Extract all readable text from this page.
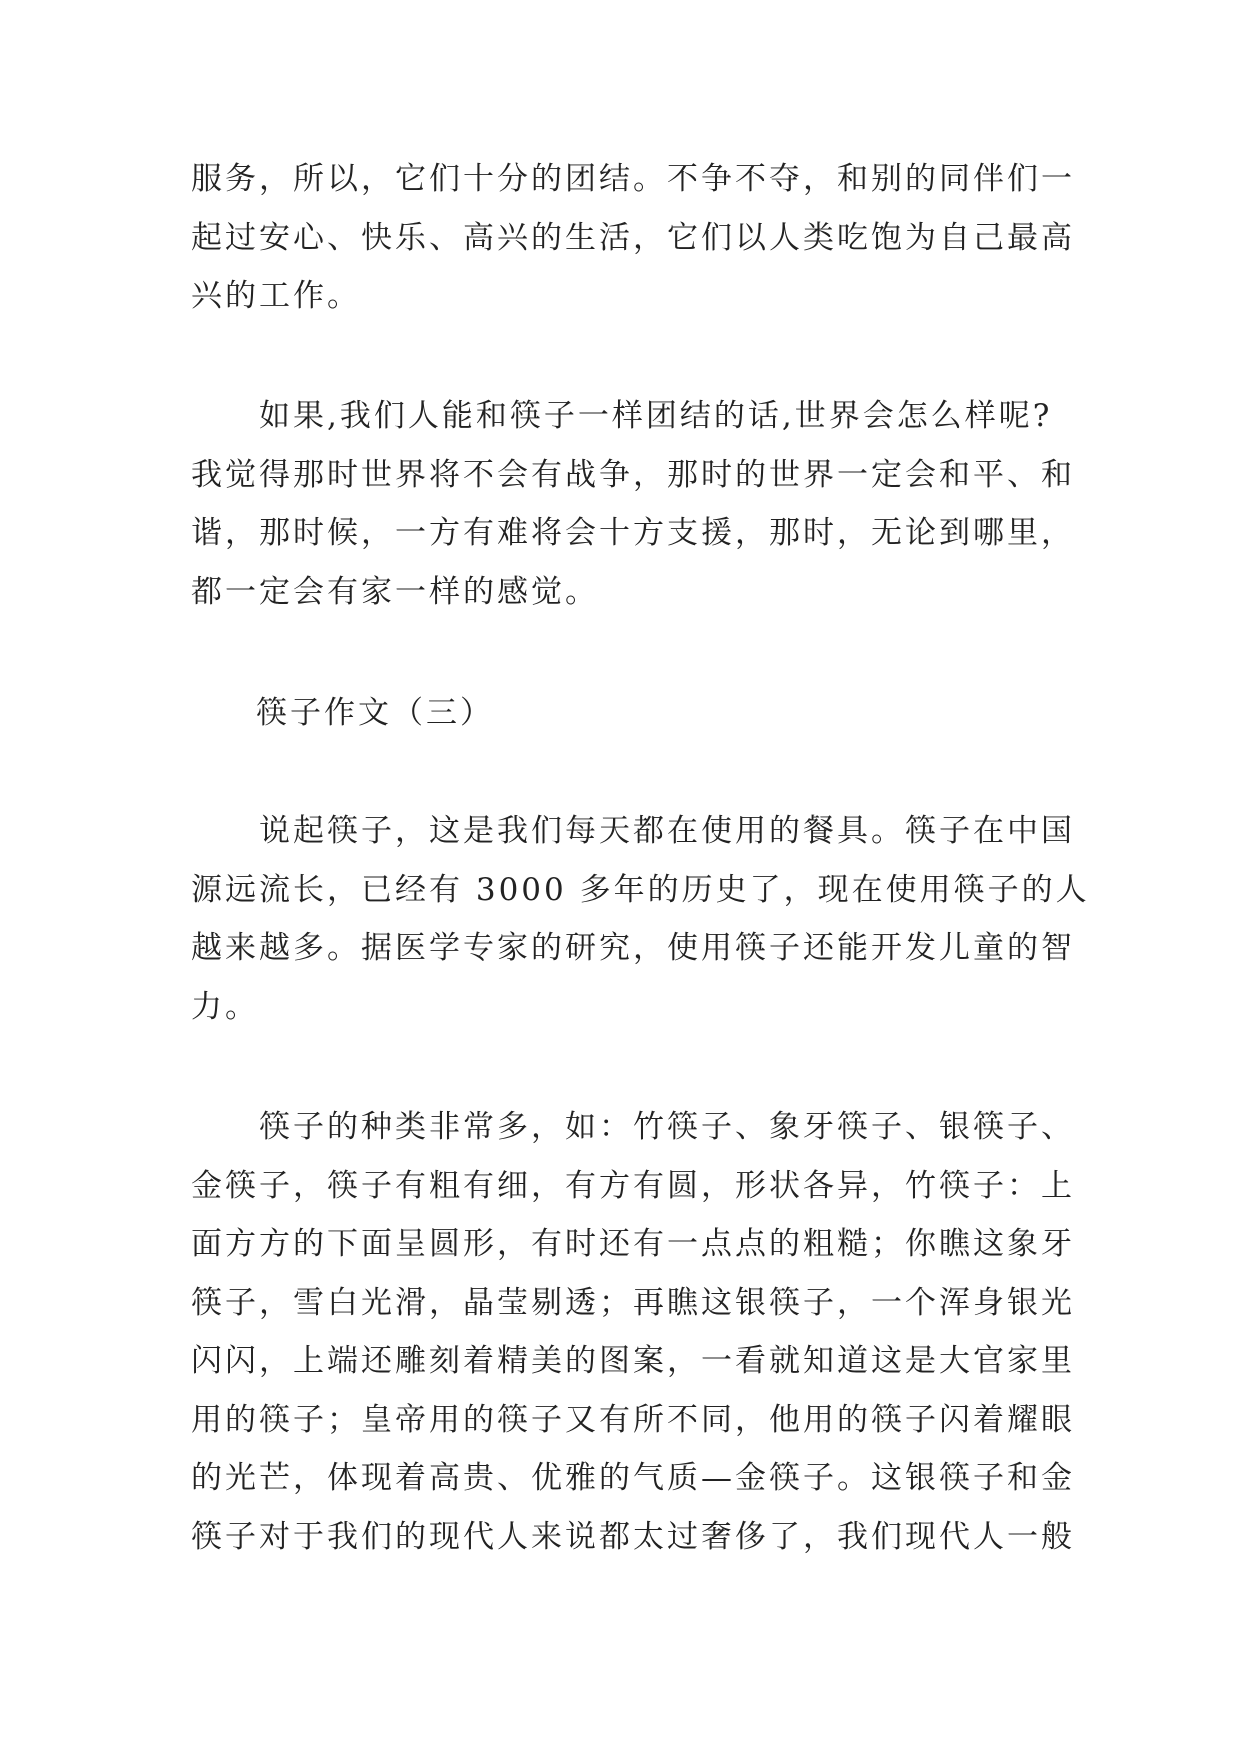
服务，所以，它们十分的团结。不争不夺，和别的同伴们一
起过安心、快乐、高兴的生活，它们以人类吃饱为自己最高
兴的工作。
　　如果,我们人能和筷子一样团结的话,世界会怎么样呢?
我觉得那时世界将不会有战争，那时的世界一定会和平、和
谐，那时候，一方有难将会十方支援，那时，无论到哪里，
都一定会有家一样的感觉。
筷子作文（三）
　　说起筷子，这是我们每天都在使用的餐具。筷子在中国
源远流长，已经有 3000 多年的历史了，现在使用筷子的人
越来越多。据医学专家的研究，使用筷子还能开发儿童的智
力。
　　筷子的种类非常多，如：竹筷子、象牙筷子、银筷子、
金筷子，筷子有粗有细，有方有圆，形状各异，竹筷子：上
面方方的下面呈圆形，有时还有一点点的粗糙；你瞧这象牙
筷子，雪白光滑，晶莹剔透；再瞧这银筷子，一个浑身银光
闪闪，上端还雕刻着精美的图案，一看就知道这是大官家里
用的筷子；皇帝用的筷子又有所不同，他用的筷子闪着耀眼
的光芒，体现着高贵、优雅的气质—金筷子。这银筷子和金
筷子对于我们的现代人来说都太过奢侈了，我们现代人一般
